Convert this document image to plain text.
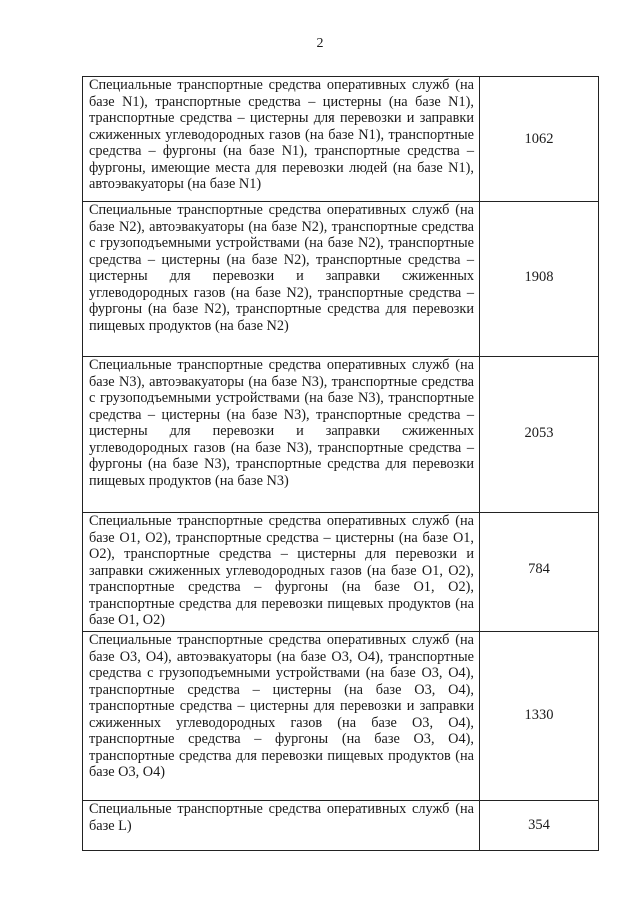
2
Специальные транспортные средства оперативных служб (на базе N1), транспортные средства – цистерны (на базе N1), транспортные средства – цистерны для перевозки и заправки сжиженных углеводородных газов (на базе N1), транспортные средства – фургоны (на базе N1), транспортные средства – фургоны, имеющие места для перевозки людей (на базе N1), автоэвакуаторы (на базе N1)	1062

Специальные транспортные средства оперативных служб (на базе N2), автоэвакуаторы (на базе N2), транспортные средства с грузоподъемными устройствами (на базе N2), транспортные средства – цистерны (на базе N2), транспортные средства – цистерны для перевозки и заправки сжиженных углеводородных газов (на базе N2), транспортные средства – фургоны (на базе N2), транспортные средства для перевозки пищевых продуктов (на базе N2)	1908

Специальные транспортные средства оперативных служб (на базе N3), автоэвакуаторы (на базе N3), транспортные средства с грузоподъемными устройствами (на базе N3), транспортные средства – цистерны (на базе N3), транспортные средства – цистерны для перевозки и заправки сжиженных углеводородных газов (на базе N3), транспортные средства – фургоны (на базе N3), транспортные средства для перевозки пищевых продуктов (на базе N3)	2053

Специальные транспортные средства оперативных служб (на базе O1, O2), транспортные средства – цистерны (на базе O1, O2), транспортные средства – цистерны для перевозки и заправки сжиженных углеводородных газов (на базе O1, O2), транспортные средства – фургоны (на базе O1, O2), транспортные средства для перевозки пищевых продуктов (на базе O1, O2)	784

Специальные транспортные средства оперативных служб (на базе O3, O4), автоэвакуаторы (на базе O3, O4), транспортные средства с грузоподъемными устройствами (на базе O3, O4), транспортные средства – цистерны (на базе O3, O4), транспортные средства – цистерны для перевозки и заправки сжиженных углеводородных газов (на базе O3, O4), транспортные средства – фургоны (на базе O3, O4), транспортные средства для перевозки пищевых продуктов (на базе O3, O4)	1330

Специальные транспортные средства оперативных служб (на базе L)	354
